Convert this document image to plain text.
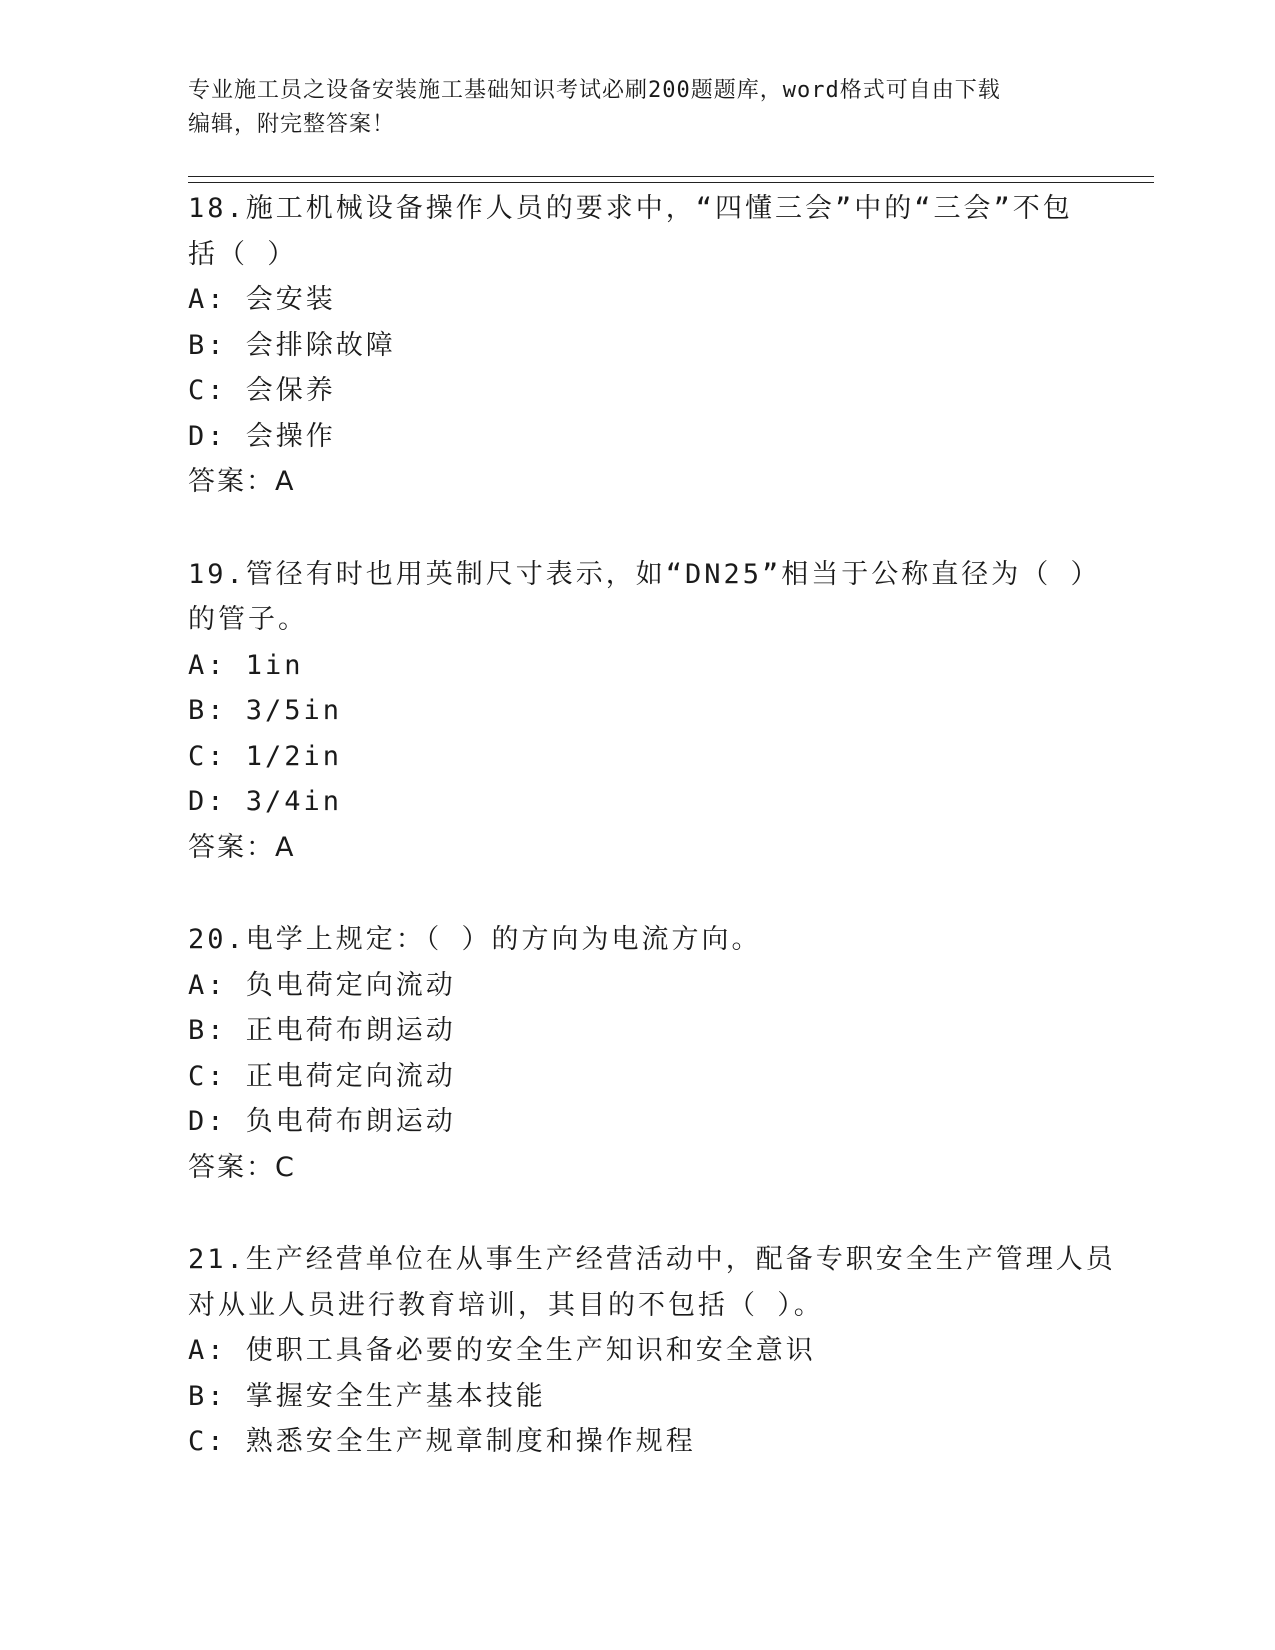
专业施工员之设备安装施工基础知识考试必刷200题题库，word格式可自由下载
编辑，附完整答案！
18.施工机械设备操作人员的要求中，“四懂三会”中的“三会”不包
括（ ）
A: 会安装
B: 会排除故障
C: 会保养
D: 会操作
答案：A
19.管径有时也用英制尺寸表示，如“DN25”相当于公称直径为（ ）
的管子。
A: 1in
B: 3/5in
C: 1/2in
D: 3/4in
答案：A
20.电学上规定：（ ）的方向为电流方向。
A: 负电荷定向流动
B: 正电荷布朗运动
C: 正电荷定向流动
D: 负电荷布朗运动
答案：C
21.生产经营单位在从事生产经营活动中，配备专职安全生产管理人员
对从业人员进行教育培训，其目的不包括（ ）。
A: 使职工具备必要的安全生产知识和安全意识
B: 掌握安全生产基本技能
C: 熟悉安全生产规章制度和操作规程
